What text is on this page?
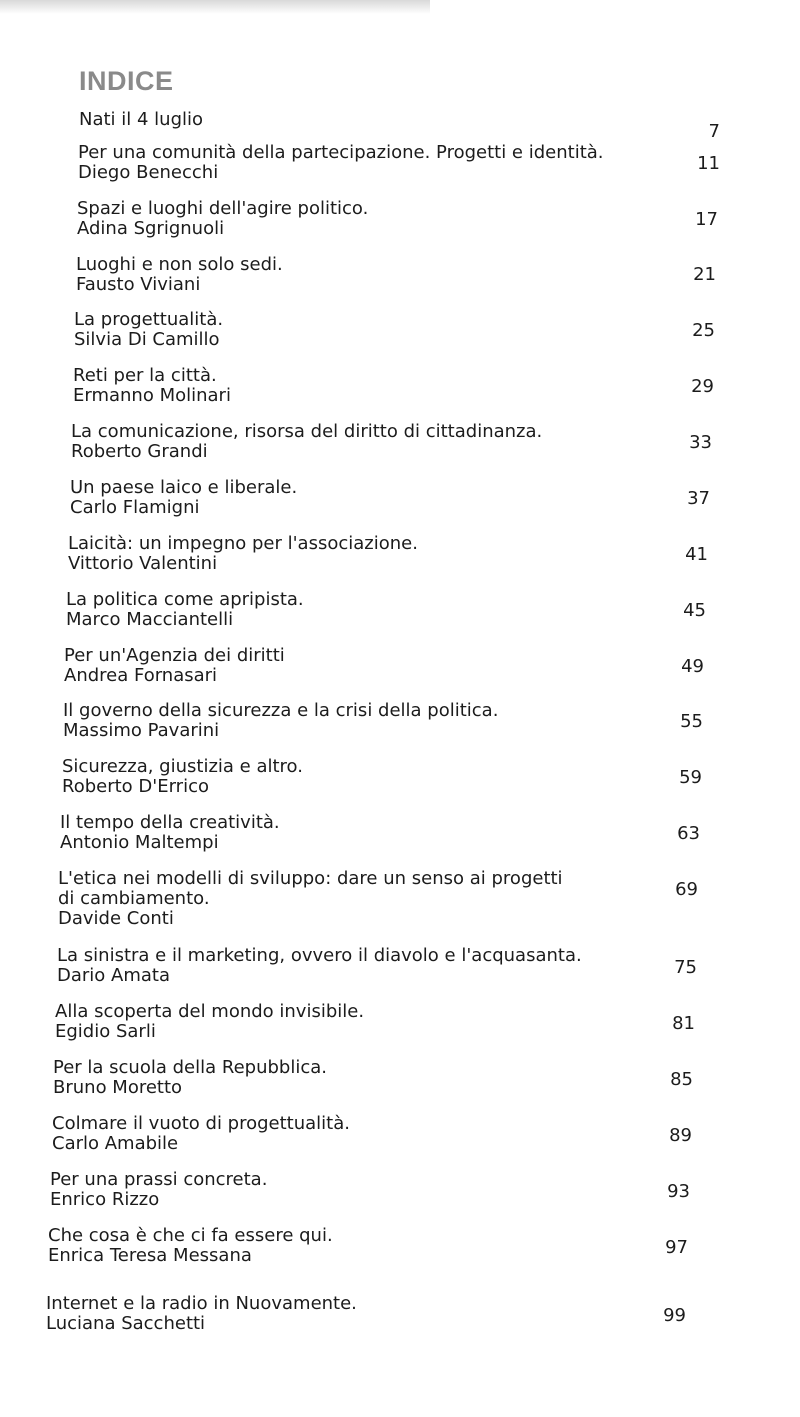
INDICE
Nati il 4 luglio
7
Per una comunità della partecipazione. Progetti e identità.
Diego Benecchi	11
Spazi e luoghi dell'agire politico.
Adina Sgrignuoli	17
Luoghi e non solo sedi.
Fausto Viviani	21
La progettualità.
Silvia Di Camillo	25
Reti per la città.
Ermanno Molinari	29
La comunicazione, risorsa del diritto di cittadinanza.
Roberto Grandi	33
Un paese laico e liberale.
Carlo Flamigni	37
Laicità: un impegno per l'associazione.
Vittorio Valentini	41
La politica come apripista.
Marco Macciantelli	45
Per un'Agenzia dei diritti
Andrea Fornasari	49
Il governo della sicurezza e la crisi della politica.
Massimo Pavarini	55
Sicurezza, giustizia e altro.
Roberto D'Errico	59
Il tempo della creatività.
Antonio Maltempi	63
L'etica nei modelli di sviluppo: dare un senso ai progetti
di cambiamento.
Davide Conti
69
La sinistra e il marketing, ovvero il diavolo e l'acquasanta.
Dario Amata	75
Alla scoperta del mondo invisibile.
Egidio Sarli	81
Per la scuola della Repubblica.
Bruno Moretto	85
Colmare il vuoto di progettualità.
Carlo Amabile	89
Per una prassi concreta.
Enrico Rizzo	93
Che cosa è che ci fa essere qui.
Enrica Teresa Messana	97
Internet e la radio in Nuovamente.
Luciana Sacchetti	99
